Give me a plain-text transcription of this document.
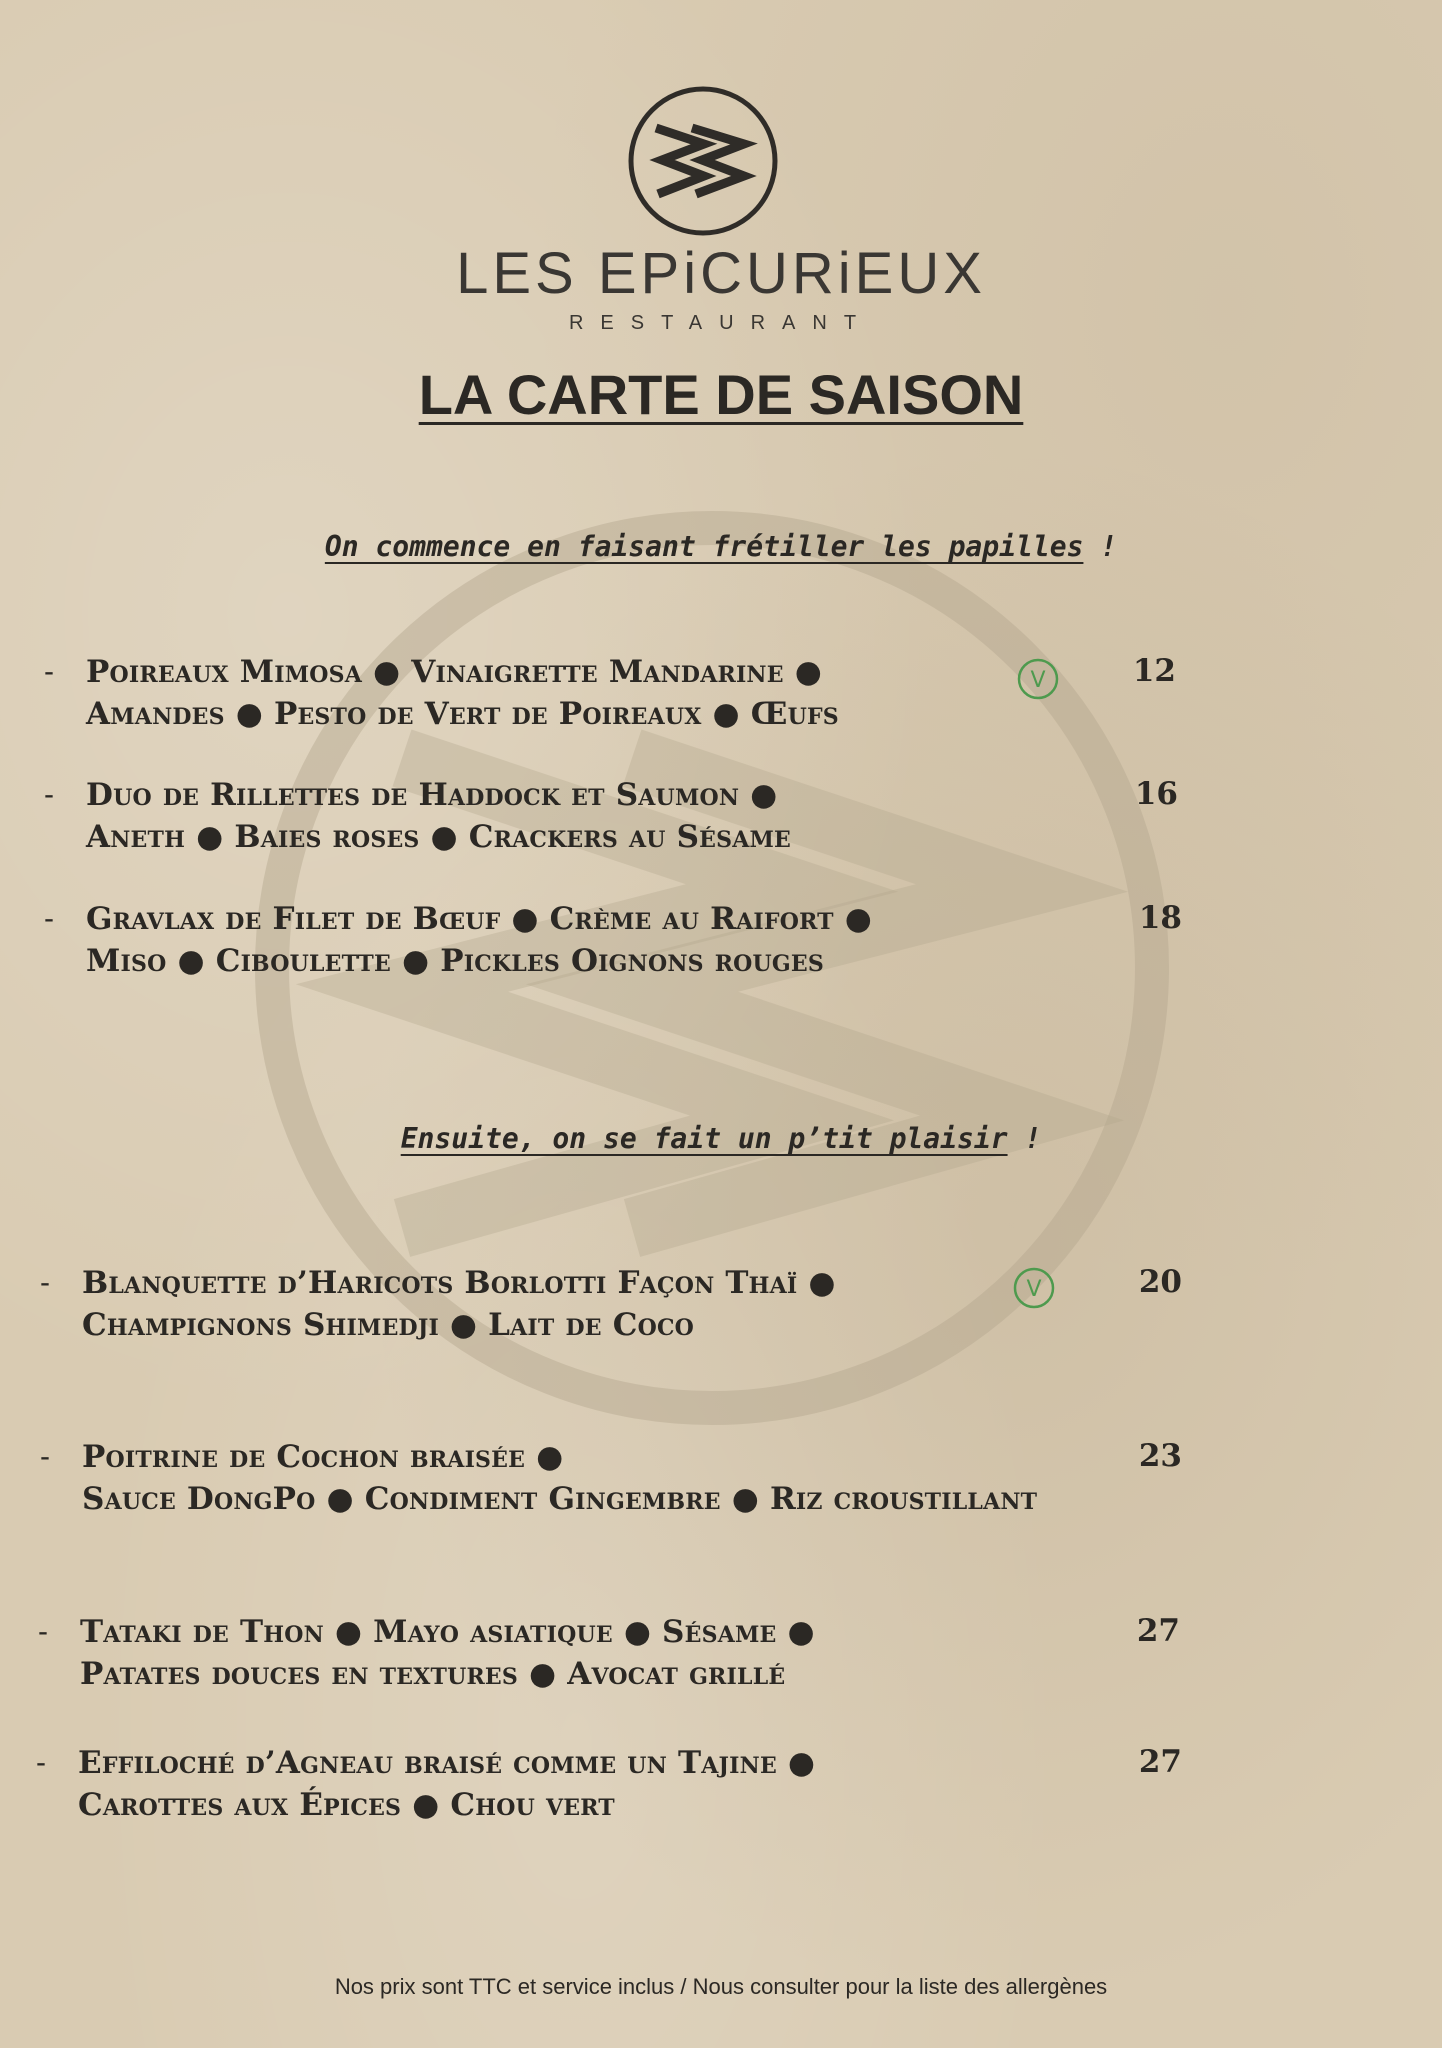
LES EPiCURiEUX
RESTAURANT
LA CARTE DE SAISON
On commence en faisant frétiller les papilles !
- Poireaux Mimosa ● Vinaigrette Mandarine ●
Amandes ● Pesto de Vert de Poireaux ● Œufs
V	12
- Duo de Rillettes de Haddock et Saumon ●
Aneth ● Baies roses ● Crackers au Sésame
16
- Gravlax de Filet de Bœuf ● Crème au Raifort ●
Miso ● Ciboulette ● Pickles Oignons rouges
18
Ensuite, on se fait un p’tit plaisir !
- Blanquette d’Haricots Borlotti Façon Thaï ●
Champignons Shimedji ● Lait de Coco
V	20
- Poitrine de Cochon braisée ●
Sauce DongPo ● Condiment Gingembre ● Riz croustillant
23
- Tataki de Thon ● Mayo asiatique ● Sésame ●
Patates douces en textures ● Avocat grillé
27
- Effiloché d’Agneau braisé comme un Tajine ●
Carottes aux Épices ● Chou vert
27
Nos prix sont TTC et service inclus / Nous consulter pour la liste des allergènes
